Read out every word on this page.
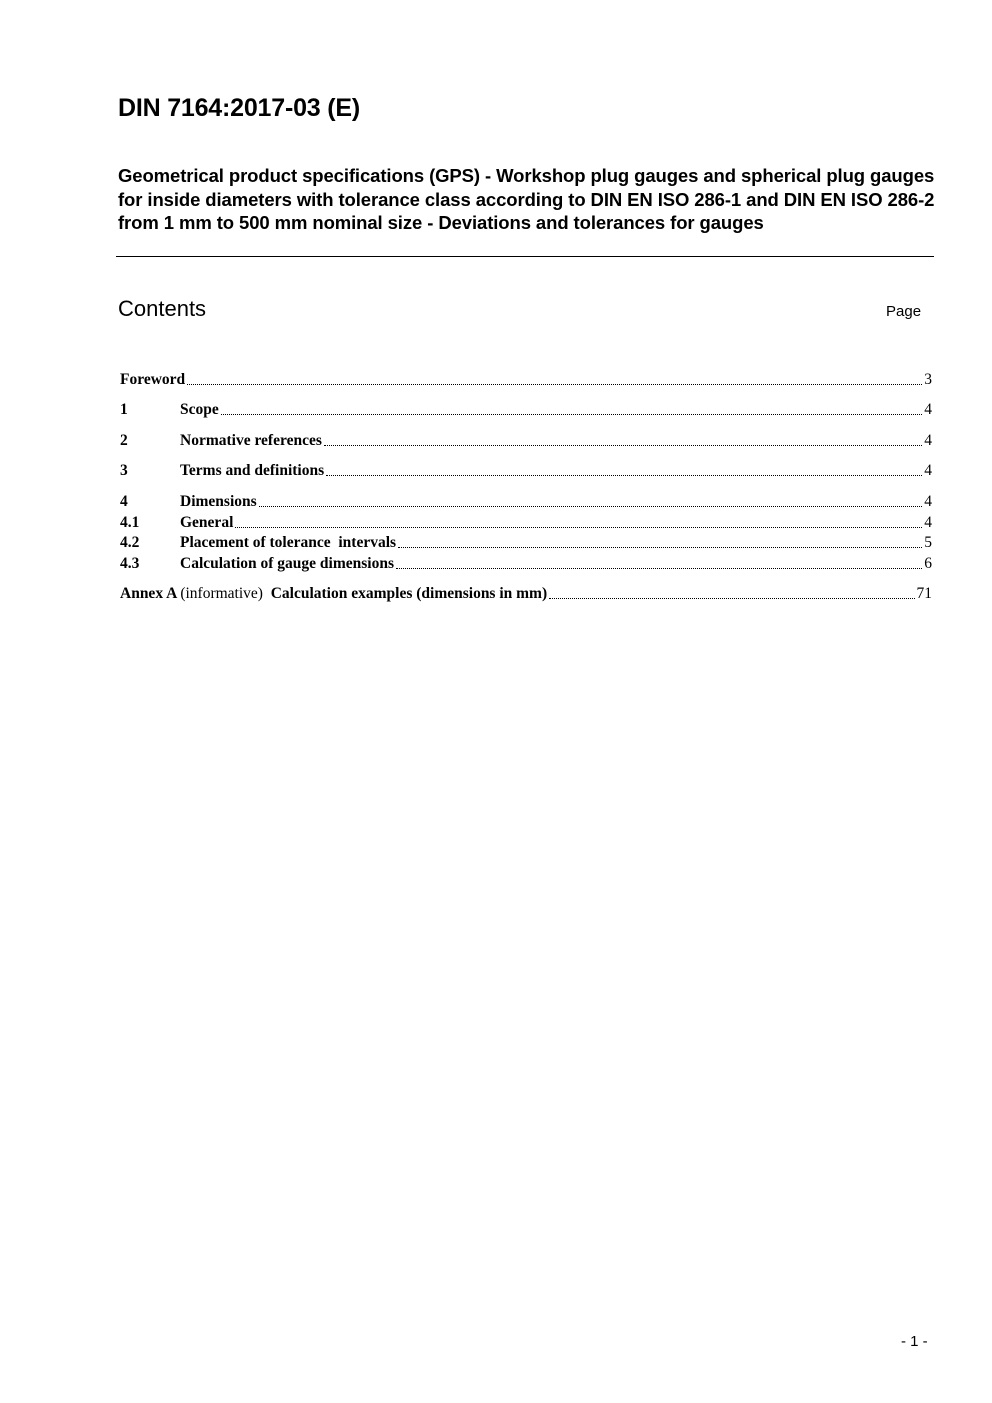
DIN 7164:2017-03 (E)
Geometrical product specifications (GPS) - Workshop plug gauges and spherical plug gauges for inside diameters with tolerance class according to DIN EN ISO 286-1 and DIN EN ISO 286-2 from 1 mm to 500 mm nominal size - Deviations and tolerances for gauges
Contents	Page
Foreword	3
1	Scope	4
2	Normative references	4
3	Terms and definitions	4
4	Dimensions	4
4.1	General	4
4.2	Placement of tolerance  intervals	5
4.3	Calculation of gauge dimensions	6
Annex A (informative) Calculation examples (dimensions in mm)	71
- 1 -
